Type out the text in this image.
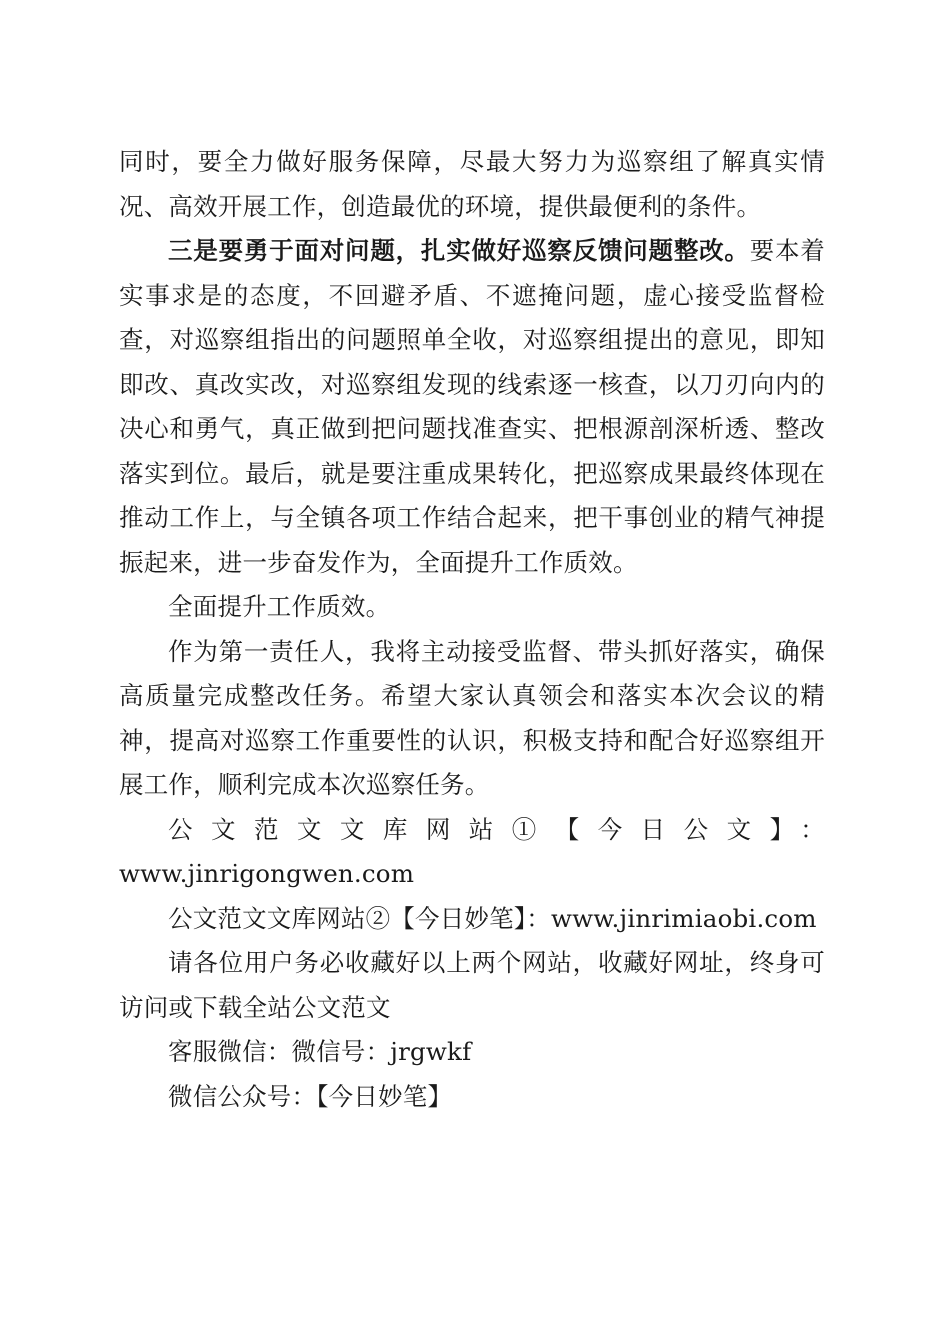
同时，要全力做好服务保障，尽最大努力为巡察组了解真实情况、高效开展工作，创造最优的环境，提供最便利的条件。

三是要勇于面对问题，扎实做好巡察反馈问题整改。要本着实事求是的态度，不回避矛盾、不遮掩问题，虚心接受监督检查，对巡察组指出的问题照单全收，对巡察组提出的意见，即知即改、真改实改，对巡察组发现的线索逐一核查，以刀刃向内的决心和勇气，真正做到把问题找准查实、把根源剖深析透、整改落实到位。最后，就是要注重成果转化，把巡察成果最终体现在推动工作上，与全镇各项工作结合起来，把干事创业的精气神提振起来，进一步奋发作为，全面提升工作质效。

全面提升工作质效。

作为第一责任人，我将主动接受监督、带头抓好落实，确保高质量完成整改任务。希望大家认真领会和落实本次会议的精神，提高对巡察工作重要性的认识，积极支持和配合好巡察组开展工作，顺利完成本次巡察任务。

公文范文文库网站①【今日公文】：

www.jinrigongwen.com

公文范文文库网站②【今日妙笔】：www.jinrimiaobi.com

请各位用户务必收藏好以上两个网站，收藏好网址，终身可访问或下载全站公文范文

客服微信：微信号：jrgwkf

微信公众号：【今日妙笔】
